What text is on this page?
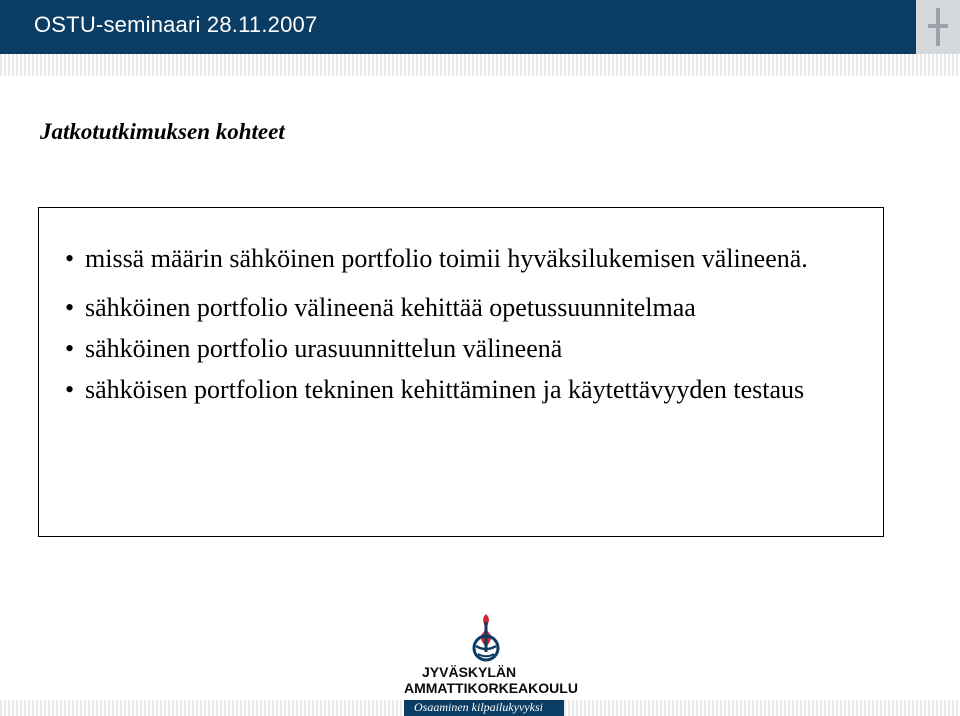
OSTU-seminaari 28.11.2007
Jatkotutkimuksen kohteet

• missä määrin sähköinen portfolio toimii hyväksilukemisen välineenä.

• sähköinen portfolio välineenä kehittää opetussuunnitelmaa

• sähköinen portfolio urasuunnittelun välineenä

• sähköisen portfolion tekninen kehittäminen ja käytettävyyden testaus

JYVÄSKYLÄN
AMMATTIKORKEAKOULU
Osaaminen kilpailukyvyksi
